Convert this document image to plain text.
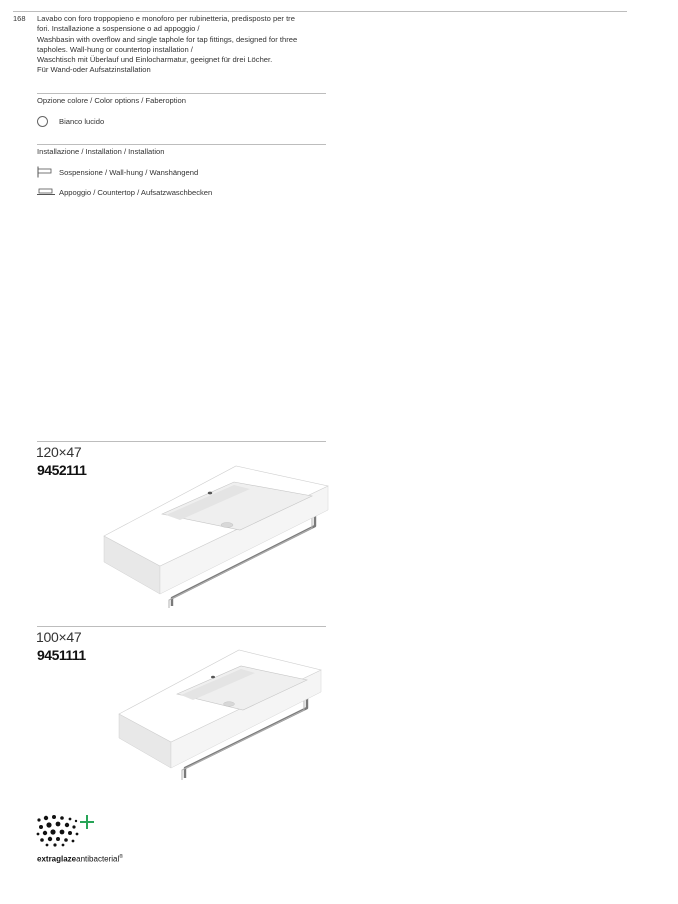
168 Lavabo con foro troppopieno e monoforo per rubinetteria, predisposto per tre
fori. Installazione a sospensione o ad appoggio /
Washbasin with overflow and single taphole for tap fittings, designed for three
tapholes. Wall-hung or countertop installation /
Waschtisch mit Überlauf und Einlocharmatur, geeignet für drei Löcher.
Für Wand-oder Aufsatzinstallation
Opzione colore / Color options / Faberoption
Bianco lucido
Installazione / Installation / Installation
Sospensione / Wall-hung / Wanshängend
Appoggio / Countertop / Aufsatzwaschbecken
120×47
9452111
100×47
9451111
extraglazeantibacterial®
